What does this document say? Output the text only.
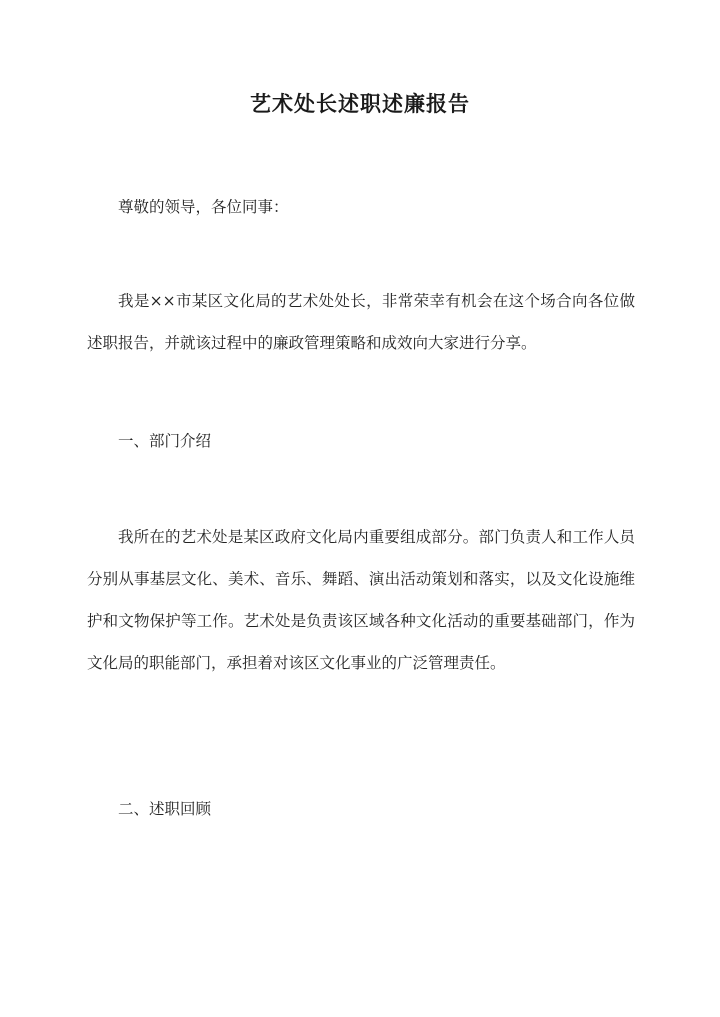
艺术处长述职述廉报告
尊敬的领导，各位同事：
我是××市某区文化局的艺术处处长，非常荣幸有机会在这个场合向各位做述职报告，并就该过程中的廉政管理策略和成效向大家进行分享。
一、部门介绍
我所在的艺术处是某区政府文化局内重要组成部分。部门负责人和工作人员分别从事基层文化、美术、音乐、舞蹈、演出活动策划和落实，以及文化设施维护和文物保护等工作。艺术处是负责该区域各种文化活动的重要基础部门，作为文化局的职能部门，承担着对该区文化事业的广泛管理责任。
二、述职回顾
